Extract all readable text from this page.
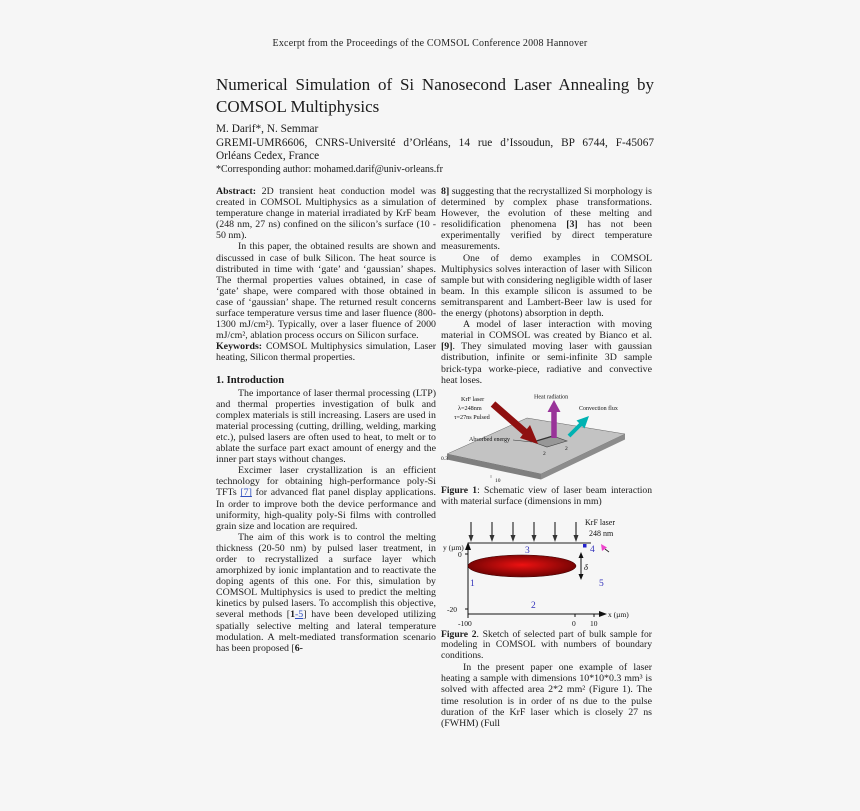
Excerpt from the Proceedings of the COMSOL Conference 2008 Hannover
Numerical Simulation of Si Nanosecond Laser Annealing by
COMSOL Multiphysics
M. Darif*, N. Semmar
GREMI-UMR6606, CNRS-Université d’Orléans, 14 rue d’Issoudun, BP 6744, F-45067
Orléans Cedex, France
*Corresponding author: mohamed.darif@univ-orleans.fr

Abstract: 2D transient heat conduction model was created in COMSOL Multiphysics as a simulation of temperature change in material irradiated by KrF beam (248 nm, 27 ns) confined on the silicon’s surface (10 - 50 nm).

In this paper, the obtained results are shown and discussed in case of bulk Silicon. The heat source is distributed in time with ‘gate’ and ‘gaussian’ shapes. The thermal properties values obtained, in case of ‘gate’ shape, were compared with those obtained in case of ‘gaussian’ shape. The returned result concerns surface temperature versus time and laser fluence (800-1300 mJ/cm²). Typically, over a laser fluence of 2000 mJ/cm², ablation process occurs on Silicon surface.

Keywords: COMSOL Multiphysics simulation, Laser heating, Silicon thermal properties.

1. Introduction

The importance of laser thermal processing (LTP) and thermal properties investigation of bulk and complex materials is still increasing. Lasers are used in material processing (cutting, drilling, welding, marking etc.), pulsed lasers are often used to heat, to melt or to ablate the surface part exact amount of energy and the inner part stays without changes.

Excimer laser crystallization is an efficient technology for obtaining high-performance poly-Si TFTs [7] for advanced flat panel display applications. In order to improve both the device performance and uniformity, high-quality poly-Si films with controlled grain size and location are required.

The aim of this work is to control the melting thickness (20-50 nm) by pulsed laser treatment, in order to recrystallized a surface layer which amorphized by ionic implantation and to reactivate the doping agents of this one. For this, simulation by COMSOL Multiphysics is used to predict the melting kinetics by pulsed lasers. To accomplish this objective, several methods [1-5] have been developed utilizing spatially selective melting and lateral temperature modulation. A melt-mediated transformation scenario has been proposed [6-

8] suggesting that the recrystallized Si morphology is determined by complex phase transformations. However, the evolution of these melting and resolidification phenomena [3] has not been experimentally verified by direct temperature measurements.

One of demo examples in COMSOL Multiphysics solves interaction of laser with Silicon sample but with considering negligible width of laser beam. In this example silicon is assumed to be semitransparent and Lambert-Beer law is used for the energy (photons) absorption in depth.

A model of laser interaction with moving material in COMSOL was created by Bianco et al. [9]. They simulated moving laser with gaussian distribution, infinite or semi-infinite 3D sample brick-typa worke-piece, radiative and convective heat loses.

KrF laser
λ=248nm
τ=27ns Pulsed
Heat radiation
Convection flux
Absorbed energy
2
2
0.3
10

Figure 1: Schematic view of laser beam interaction with material surface (dimensions in mm)

KrF laser
248 nm
y (µm)
0
-20
x (µm)
-100	0 10
δ
3	4
1	5
2

Figure 2. Sketch of selected part of bulk sample for modeling in COMSOL with numbers of boundary conditions.

In the present paper one example of laser heating a sample with dimensions 10*10*0.3 mm³ is solved with affected area 2*2 mm² (Figure 1). The time resolution is in order of ns due to the pulse duration of the KrF laser which is closely 27 ns (FWHM) (Full
